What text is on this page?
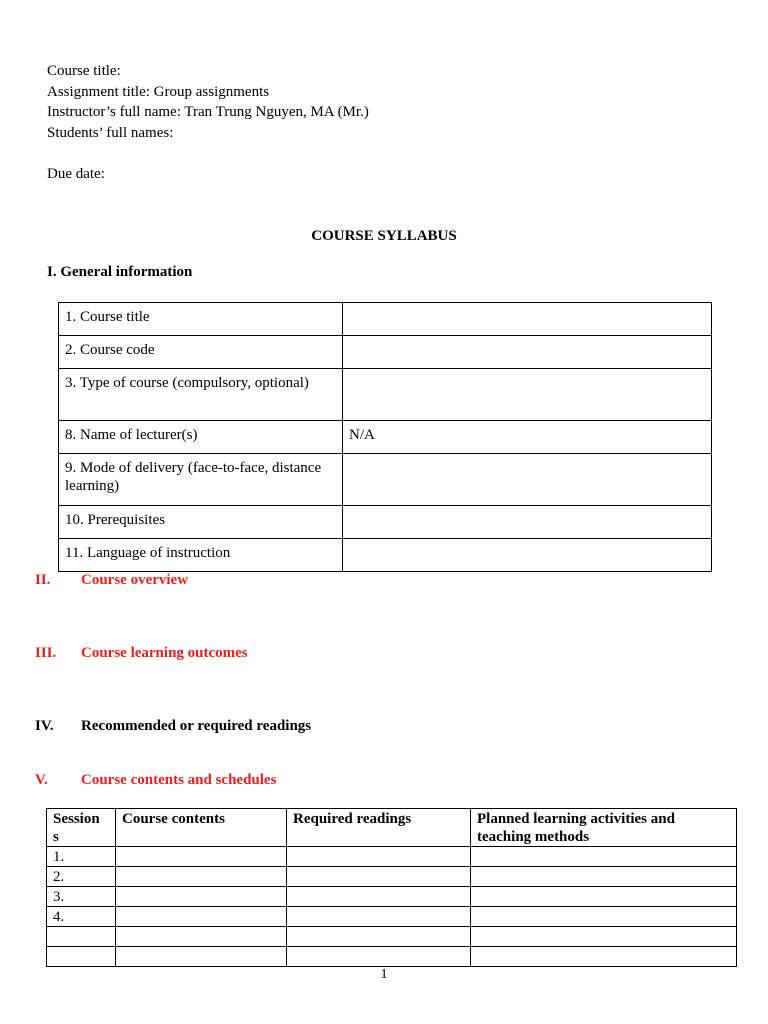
Course title:
Assignment title: Group assignments
Instructor’s full name: Tran Trung Nguyen, MA (Mr.)
Students’ full names:
Due date:
COURSE SYLLABUS
I. General information
1. Course title	
2. Course code	
3. Type of course (compulsory, optional)	
8. Name of lecturer(s)	N/A
9. Mode of delivery (face-to-face, distance learning)	
10. Prerequisites	
11. Language of instruction	
II. Course overview
III. Course learning outcomes
IV. Recommended or required readings
V. Course contents and schedules
Session s	Course contents	Required readings	Planned learning activities and teaching methods
1.			
2.			
3.			
4.			

1
